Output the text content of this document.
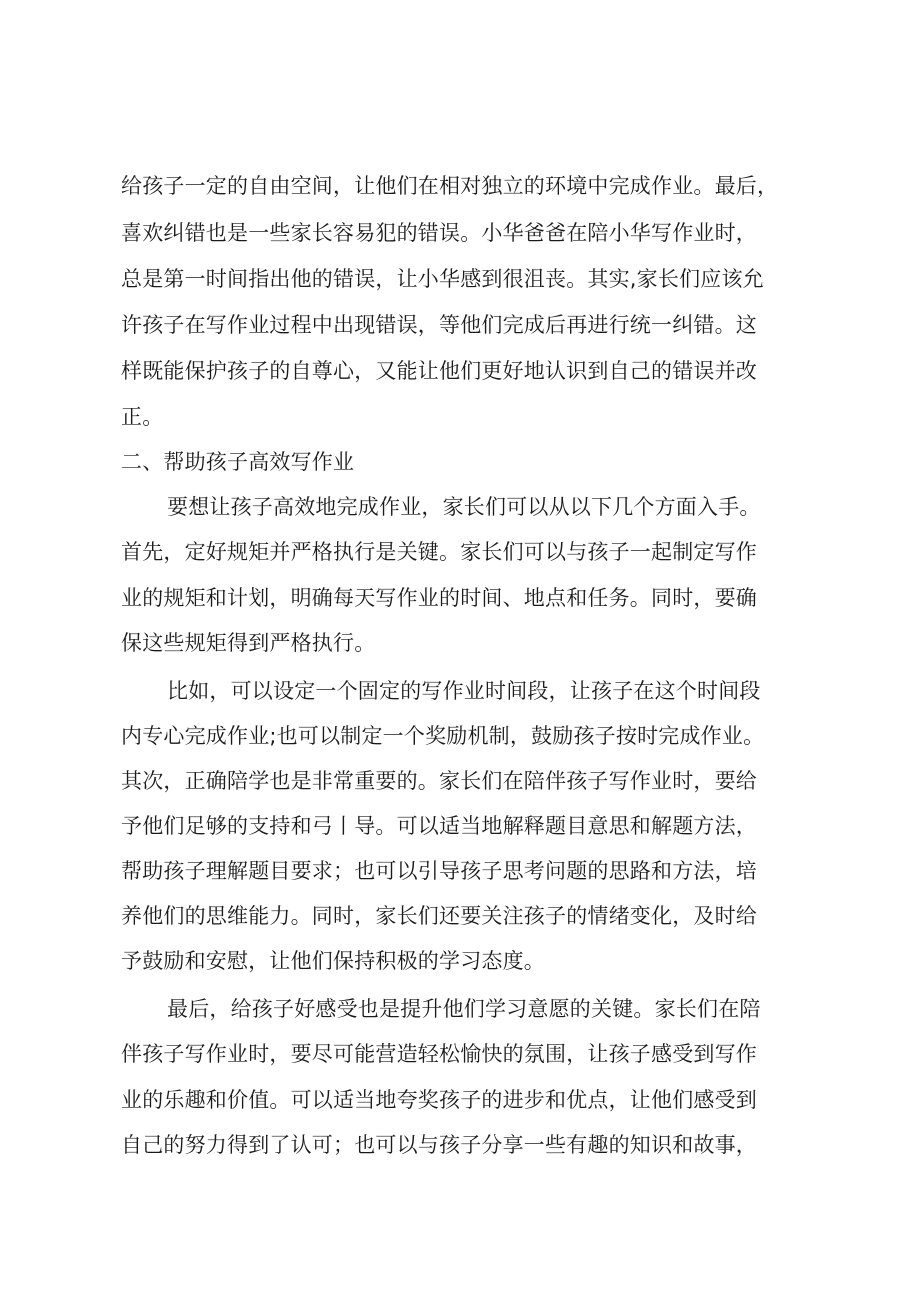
给孩子一定的自由空间，让他们在相对独立的环境中完成作业。最后，
喜欢纠错也是一些家长容易犯的错误。小华爸爸在陪小华写作业时，
总是第一时间指出他的错误，让小华感到很沮丧。其实,家长们应该允
许孩子在写作业过程中出现错误，等他们完成后再进行统一纠错。这
样既能保护孩子的自尊心，又能让他们更好地认识到自己的错误并改
正。
二、帮助孩子高效写作业
要想让孩子高效地完成作业，家长们可以从以下几个方面入手。
首先，定好规矩并严格执行是关键。家长们可以与孩子一起制定写作
业的规矩和计划，明确每天写作业的时间、地点和任务。同时，要确
保这些规矩得到严格执行。
比如，可以设定一个固定的写作业时间段，让孩子在这个时间段
内专心完成作业;也可以制定一个奖励机制，鼓励孩子按时完成作业。
其次，正确陪学也是非常重要的。家长们在陪伴孩子写作业时，要给
予他们足够的支持和弓丨导。可以适当地解释题目意思和解题方法，
帮助孩子理解题目要求；也可以引导孩子思考问题的思路和方法，培
养他们的思维能力。同时，家长们还要关注孩子的情绪变化，及时给
予鼓励和安慰，让他们保持积极的学习态度。
最后，给孩子好感受也是提升他们学习意愿的关键。家长们在陪
伴孩子写作业时，要尽可能营造轻松愉快的氛围，让孩子感受到写作
业的乐趣和价值。可以适当地夸奖孩子的进步和优点，让他们感受到
自己的努力得到了认可；也可以与孩子分享一些有趣的知识和故事，
